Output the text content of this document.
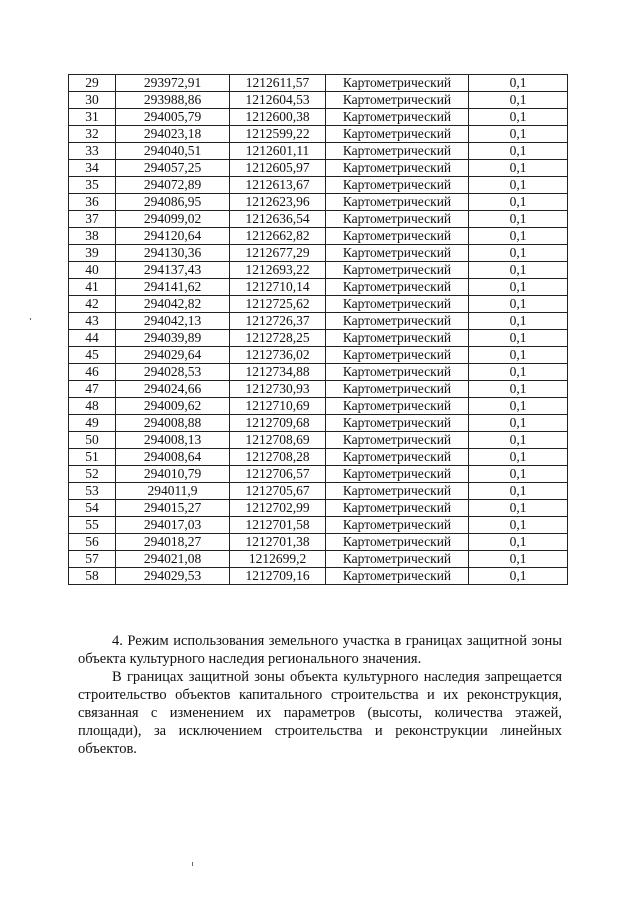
29	293972,91	1212611,57	Картометрический	0,1
30	293988,86	1212604,53	Картометрический	0,1
31	294005,79	1212600,38	Картометрический	0,1
32	294023,18	1212599,22	Картометрический	0,1
33	294040,51	1212601,11	Картометрический	0,1
34	294057,25	1212605,97	Картометрический	0,1
35	294072,89	1212613,67	Картометрический	0,1
36	294086,95	1212623,96	Картометрический	0,1
37	294099,02	1212636,54	Картометрический	0,1
38	294120,64	1212662,82	Картометрический	0,1
39	294130,36	1212677,29	Картометрический	0,1
40	294137,43	1212693,22	Картометрический	0,1
41	294141,62	1212710,14	Картометрический	0,1
42	294042,82	1212725,62	Картометрический	0,1
43	294042,13	1212726,37	Картометрический	0,1
44	294039,89	1212728,25	Картометрический	0,1
45	294029,64	1212736,02	Картометрический	0,1
46	294028,53	1212734,88	Картометрический	0,1
47	294024,66	1212730,93	Картометрический	0,1
48	294009,62	1212710,69	Картометрический	0,1
49	294008,88	1212709,68	Картометрический	0,1
50	294008,13	1212708,69	Картометрический	0,1
51	294008,64	1212708,28	Картометрический	0,1
52	294010,79	1212706,57	Картометрический	0,1
53	294011,9	1212705,67	Картометрический	0,1
54	294015,27	1212702,99	Картометрический	0,1
55	294017,03	1212701,58	Картометрический	0,1
56	294018,27	1212701,38	Картометрический	0,1
57	294021,08	1212699,2	Картометрический	0,1
58	294029,53	1212709,16	Картометрический	0,1

4. Режим использования земельного участка в границах защитной зоны объекта культурного наследия регионального значения.

В границах защитной зоны объекта культурного наследия запрещается строительство объектов капитального строительства и их реконструкция, связанная с изменением их параметров (высоты, количества этажей, площади), за исключением строительства и реконструкции линейных объектов.
